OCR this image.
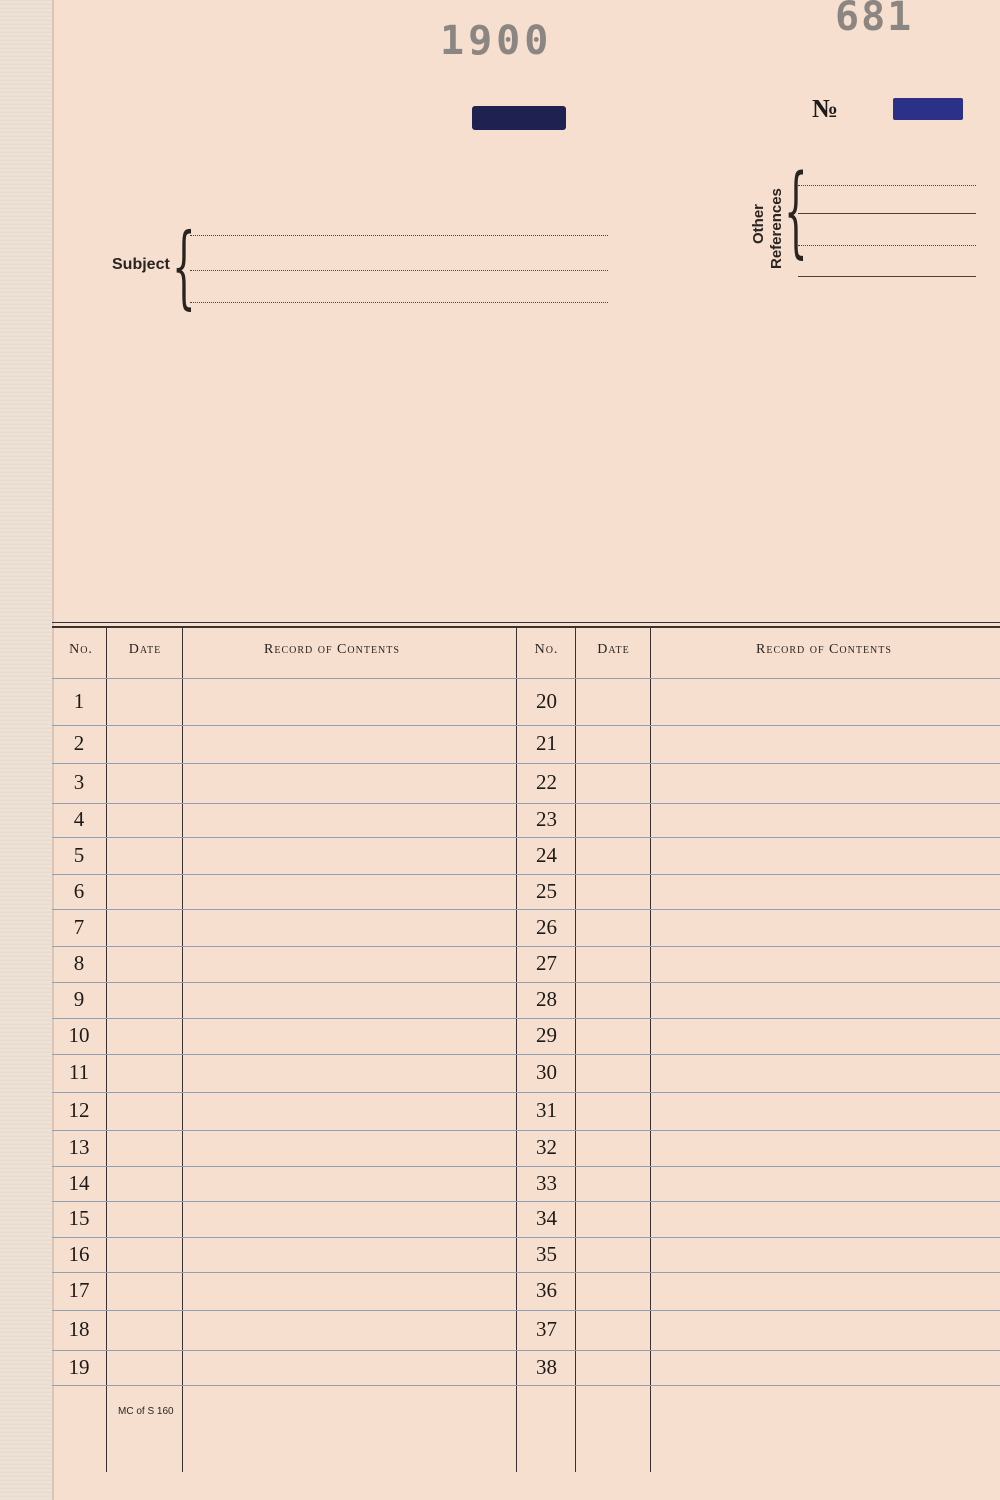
1900
681
№
Subject {	Other References {
No.	Date	Record of Contents	No.	Date	Record of Contents
1	20
2	21
3	22
4	23
5	24
6	25
7	26
8	27
9	28
10	29
11	30
12	31
13	32
14	33
15	34
16	35
17	36
18	37
19	38
MC of S 160
